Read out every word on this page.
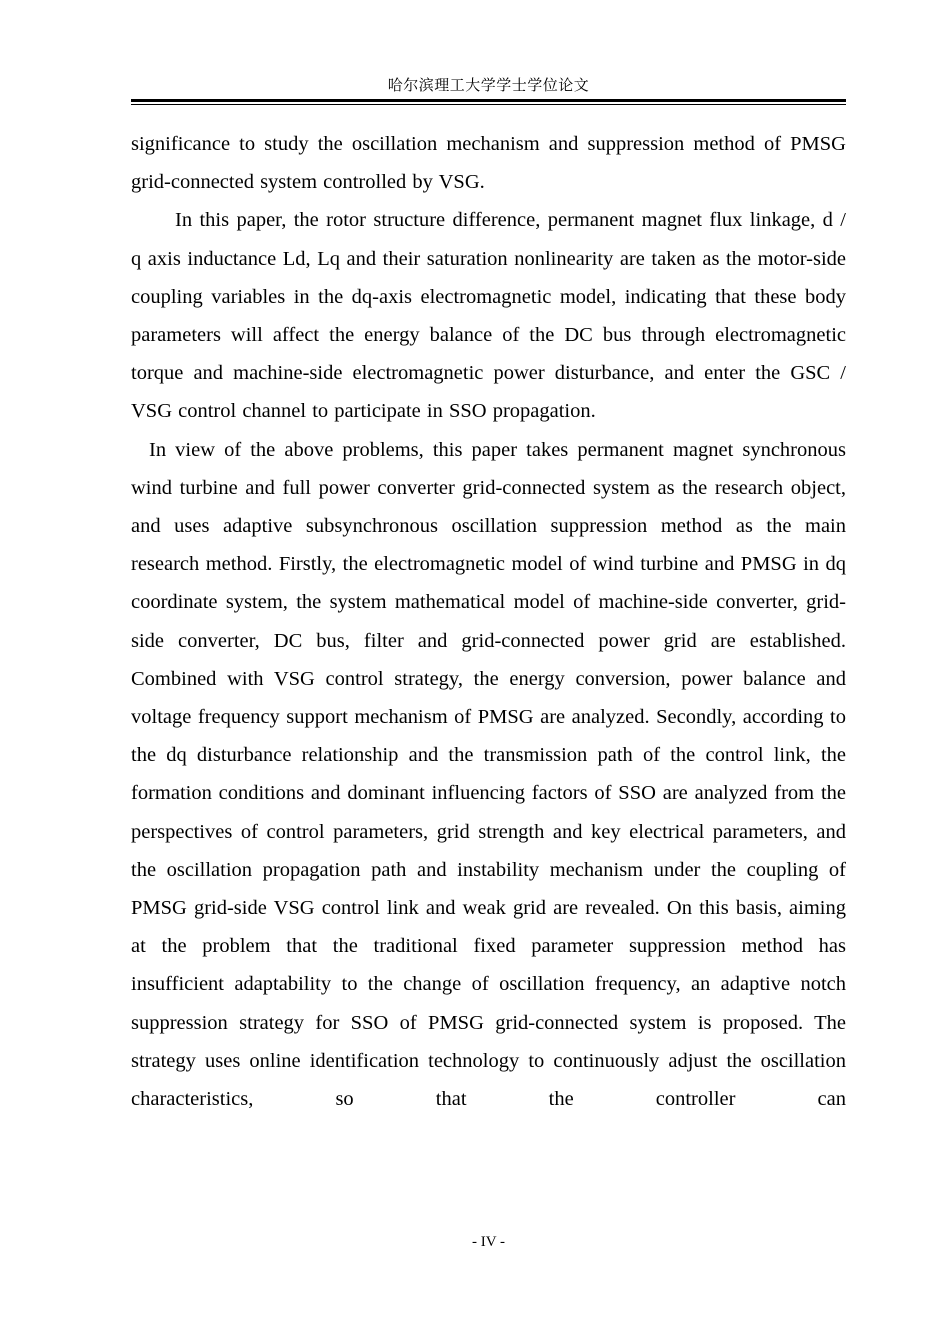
哈尔滨理工大学学士学位论文

significance to study the oscillation mechanism and suppression method of PMSG grid-connected system controlled by VSG.

In this paper, the rotor structure difference, permanent magnet flux linkage, d / q axis inductance Ld, Lq and their saturation nonlinearity are taken as the motor-side coupling variables in the dq-axis electromagnetic model, indicating that these body parameters will affect the energy balance of the DC bus through electromagnetic torque and machine-side electromagnetic power disturbance, and enter the GSC / VSG control channel to participate in SSO propagation.

In view of the above problems, this paper takes permanent magnet synchronous wind turbine and full power converter grid-connected system as the research object, and uses adaptive subsynchronous oscillation suppression method as the main research method. Firstly, the electromagnetic model of wind turbine and PMSG in dq coordinate system, the system mathematical model of machine-side converter, grid-side converter, DC bus, filter and grid-connected power grid are established. Combined with VSG control strategy, the energy conversion, power balance and voltage frequency support mechanism of PMSG are analyzed. Secondly, according to the dq disturbance relationship and the transmission path of the control link, the formation conditions and dominant influencing factors of SSO are analyzed from the perspectives of control parameters, grid strength and key electrical parameters, and the oscillation propagation path and instability mechanism under the coupling of PMSG grid-side VSG control link and weak grid are revealed. On this basis, aiming at the problem that the traditional fixed parameter suppression method has insufficient adaptability to the change of oscillation frequency, an adaptive notch suppression strategy for SSO of PMSG grid-connected system is proposed. The strategy uses online identification technology to continuously adjust the oscillation characteristics, so that the controller can

- IV -
